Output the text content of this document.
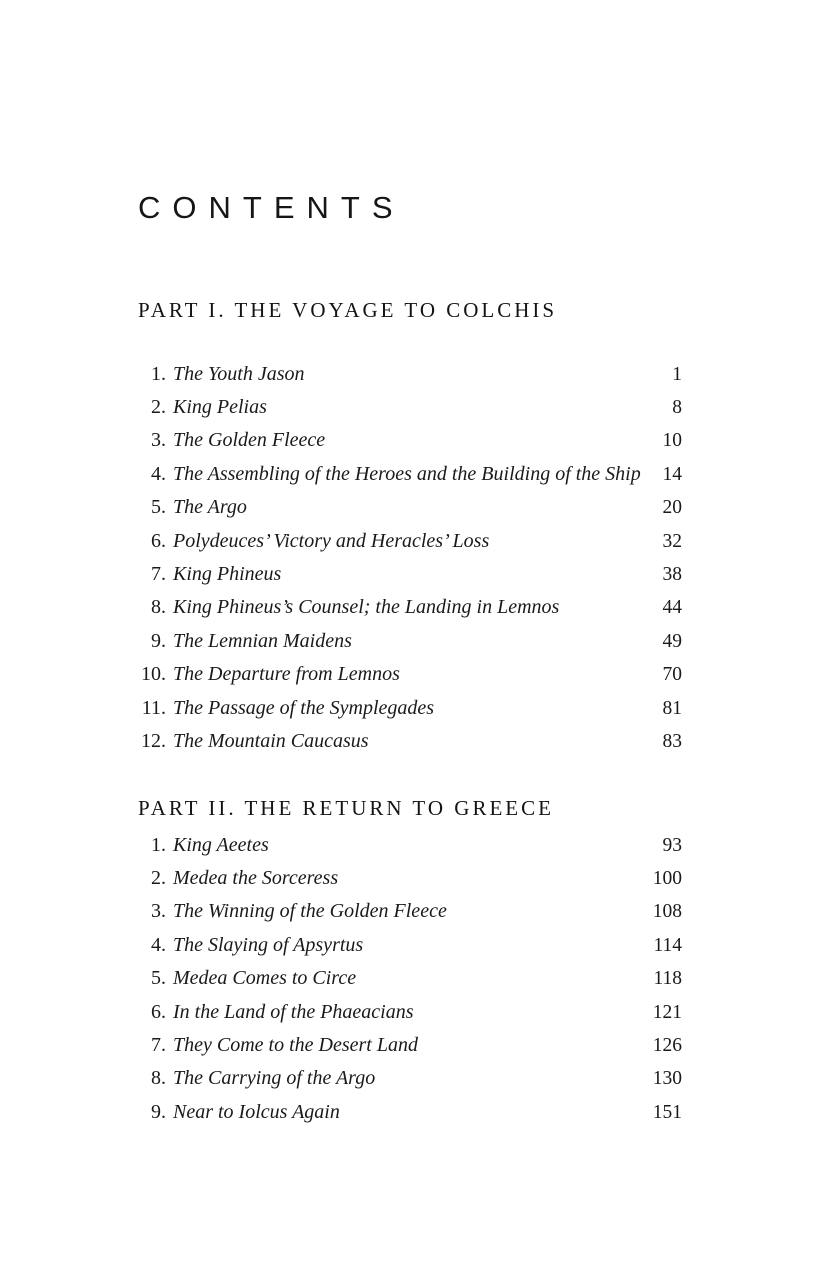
CONTENTS
PART I. THE VOYAGE TO COLCHIS
1. The Youth Jason	1
2. King Pelias	8
3. The Golden Fleece	10
4. The Assembling of the Heroes and the Building of the Ship	14
5. The Argo	20
6. Polydeuces’ Victory and Heracles’ Loss	32
7. King Phineus	38
8. King Phineus’s Counsel; the Landing in Lemnos	44
9. The Lemnian Maidens	49
10. The Departure from Lemnos	70
11. The Passage of the Symplegades	81
12. The Mountain Caucasus	83
PART II. THE RETURN TO GREECE
1. King Aeetes	93
2. Medea the Sorceress	100
3. The Winning of the Golden Fleece	108
4. The Slaying of Apsyrtus	114
5. Medea Comes to Circe	118
6. In the Land of the Phaeacians	121
7. They Come to the Desert Land	126
8. The Carrying of the Argo	130
9. Near to Iolcus Again	151
